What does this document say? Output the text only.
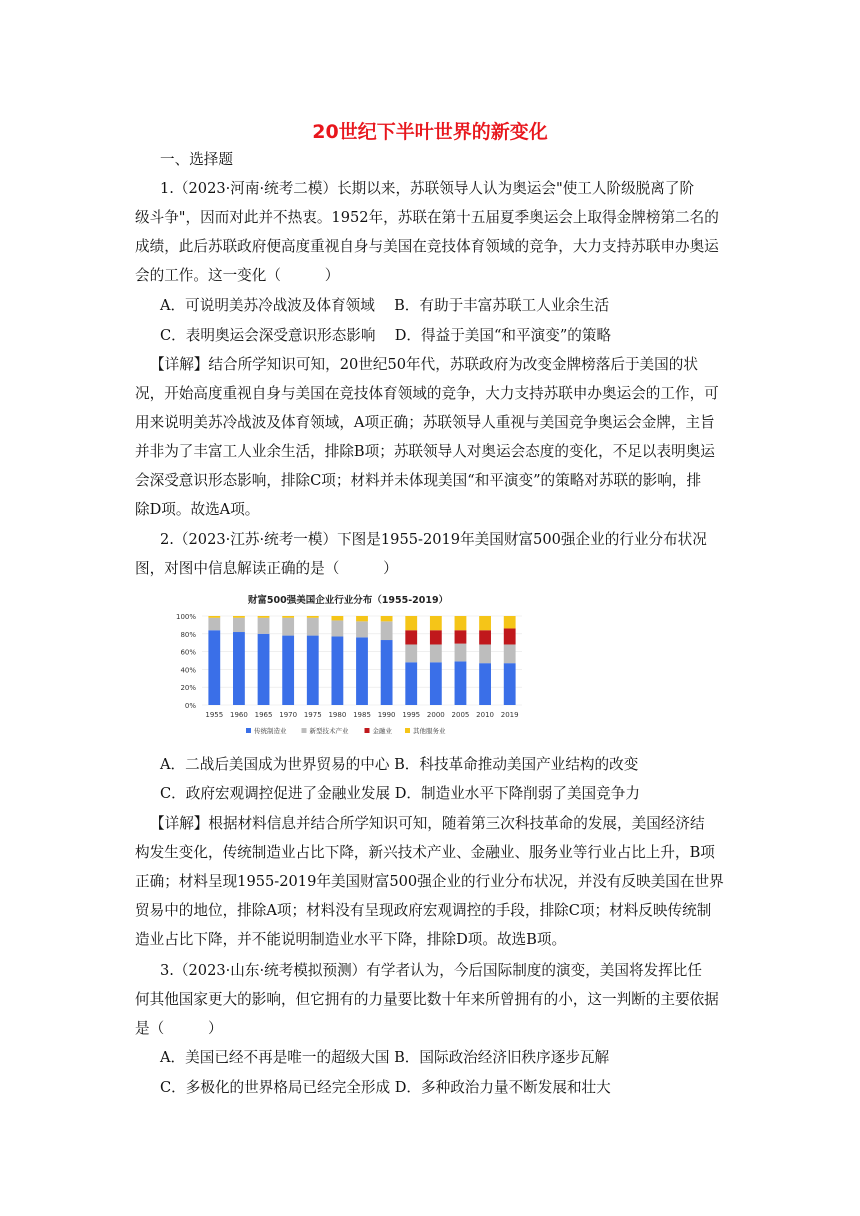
20世纪下半叶世界的新变化
一、选择题
1.（2023·河南·统考二模）长期以来，苏联领导人认为奥运会"使工人阶级脱离了阶
级斗争"，因而对此并不热衷。1952年，苏联在第十五届夏季奥运会上取得金牌榜第二名的
成绩，此后苏联政府便高度重视自身与美国在竞技体育领域的竞争，大力支持苏联申办奥运
会的工作。这一变化（　　　）
A．可说明美苏冷战波及体育领域　 B．有助于丰富苏联工人业余生活
C．表明奥运会深受意识形态影响　 D．得益于美国“和平演变”的策略
【详解】结合所学知识可知，20世纪50年代，苏联政府为改变金牌榜落后于美国的状
况，开始高度重视自身与美国在竞技体育领域的竞争，大力支持苏联申办奥运会的工作，可
用来说明美苏冷战波及体育领域，A项正确；苏联领导人重视与美国竞争奥运会金牌，主旨
并非为了丰富工人业余生活，排除B项；苏联领导人对奥运会态度的变化，不足以表明奥运
会深受意识形态影响，排除C项；材料并未体现美国“和平演变”的策略对苏联的影响，排
除D项。故选A项。
2.（2023·江苏·统考一模）下图是1955-2019年美国财富500强企业的行业分布状况
图，对图中信息解读正确的是（　　　）
财富500强美国企业行业分布（1955-2019）
1955 1960 1965 1970 1975 1980 1985 1990 1995 2000 2005 2010 2019
100%
80%
60%
40%
20%
0%
传统制造业	新型技术产业	金融业	其他服务业
A．二战后美国成为世界贸易的中心 B．科技革命推动美国产业结构的改变
C．政府宏观调控促进了金融业发展 D．制造业水平下降削弱了美国竞争力
【详解】根据材料信息并结合所学知识可知，随着第三次科技革命的发展，美国经济结
构发生变化，传统制造业占比下降，新兴技术产业、金融业、服务业等行业占比上升，B项
正确；材料呈现1955-2019年美国财富500强企业的行业分布状况，并没有反映美国在世界
贸易中的地位，排除A项；材料没有呈现政府宏观调控的手段，排除C项；材料反映传统制
造业占比下降，并不能说明制造业水平下降，排除D项。故选B项。
3.（2023·山东·统考模拟预测）有学者认为，今后国际制度的演变，美国将发挥比任
何其他国家更大的影响，但它拥有的力量要比数十年来所曾拥有的小，这一判断的主要依据
是（　　　）
A．美国已经不再是唯一的超级大国 B．国际政治经济旧秩序逐步瓦解
C．多极化的世界格局已经完全形成 D．多种政治力量不断发展和壮大
